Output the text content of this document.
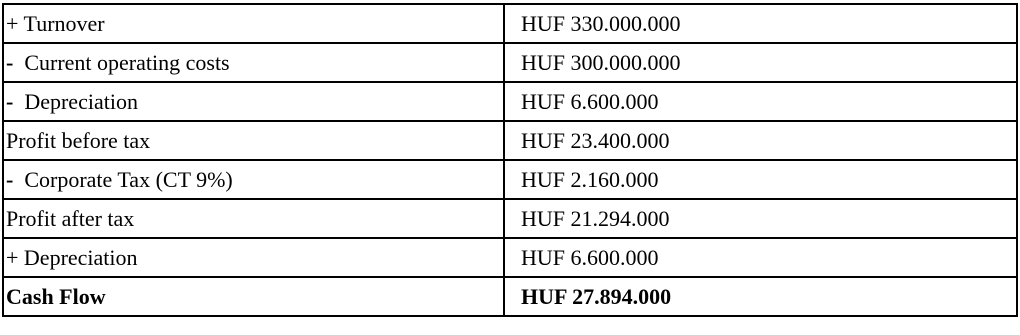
+ Turnover	HUF 330.000.000
-  Current operating costs	HUF 300.000.000
-  Depreciation	HUF 6.600.000
Profit before tax	HUF 23.400.000
-  Corporate Tax (CT 9%)	HUF 2.160.000
Profit after tax	HUF 21.294.000
+ Depreciation	HUF 6.600.000
Cash Flow	HUF 27.894.000
